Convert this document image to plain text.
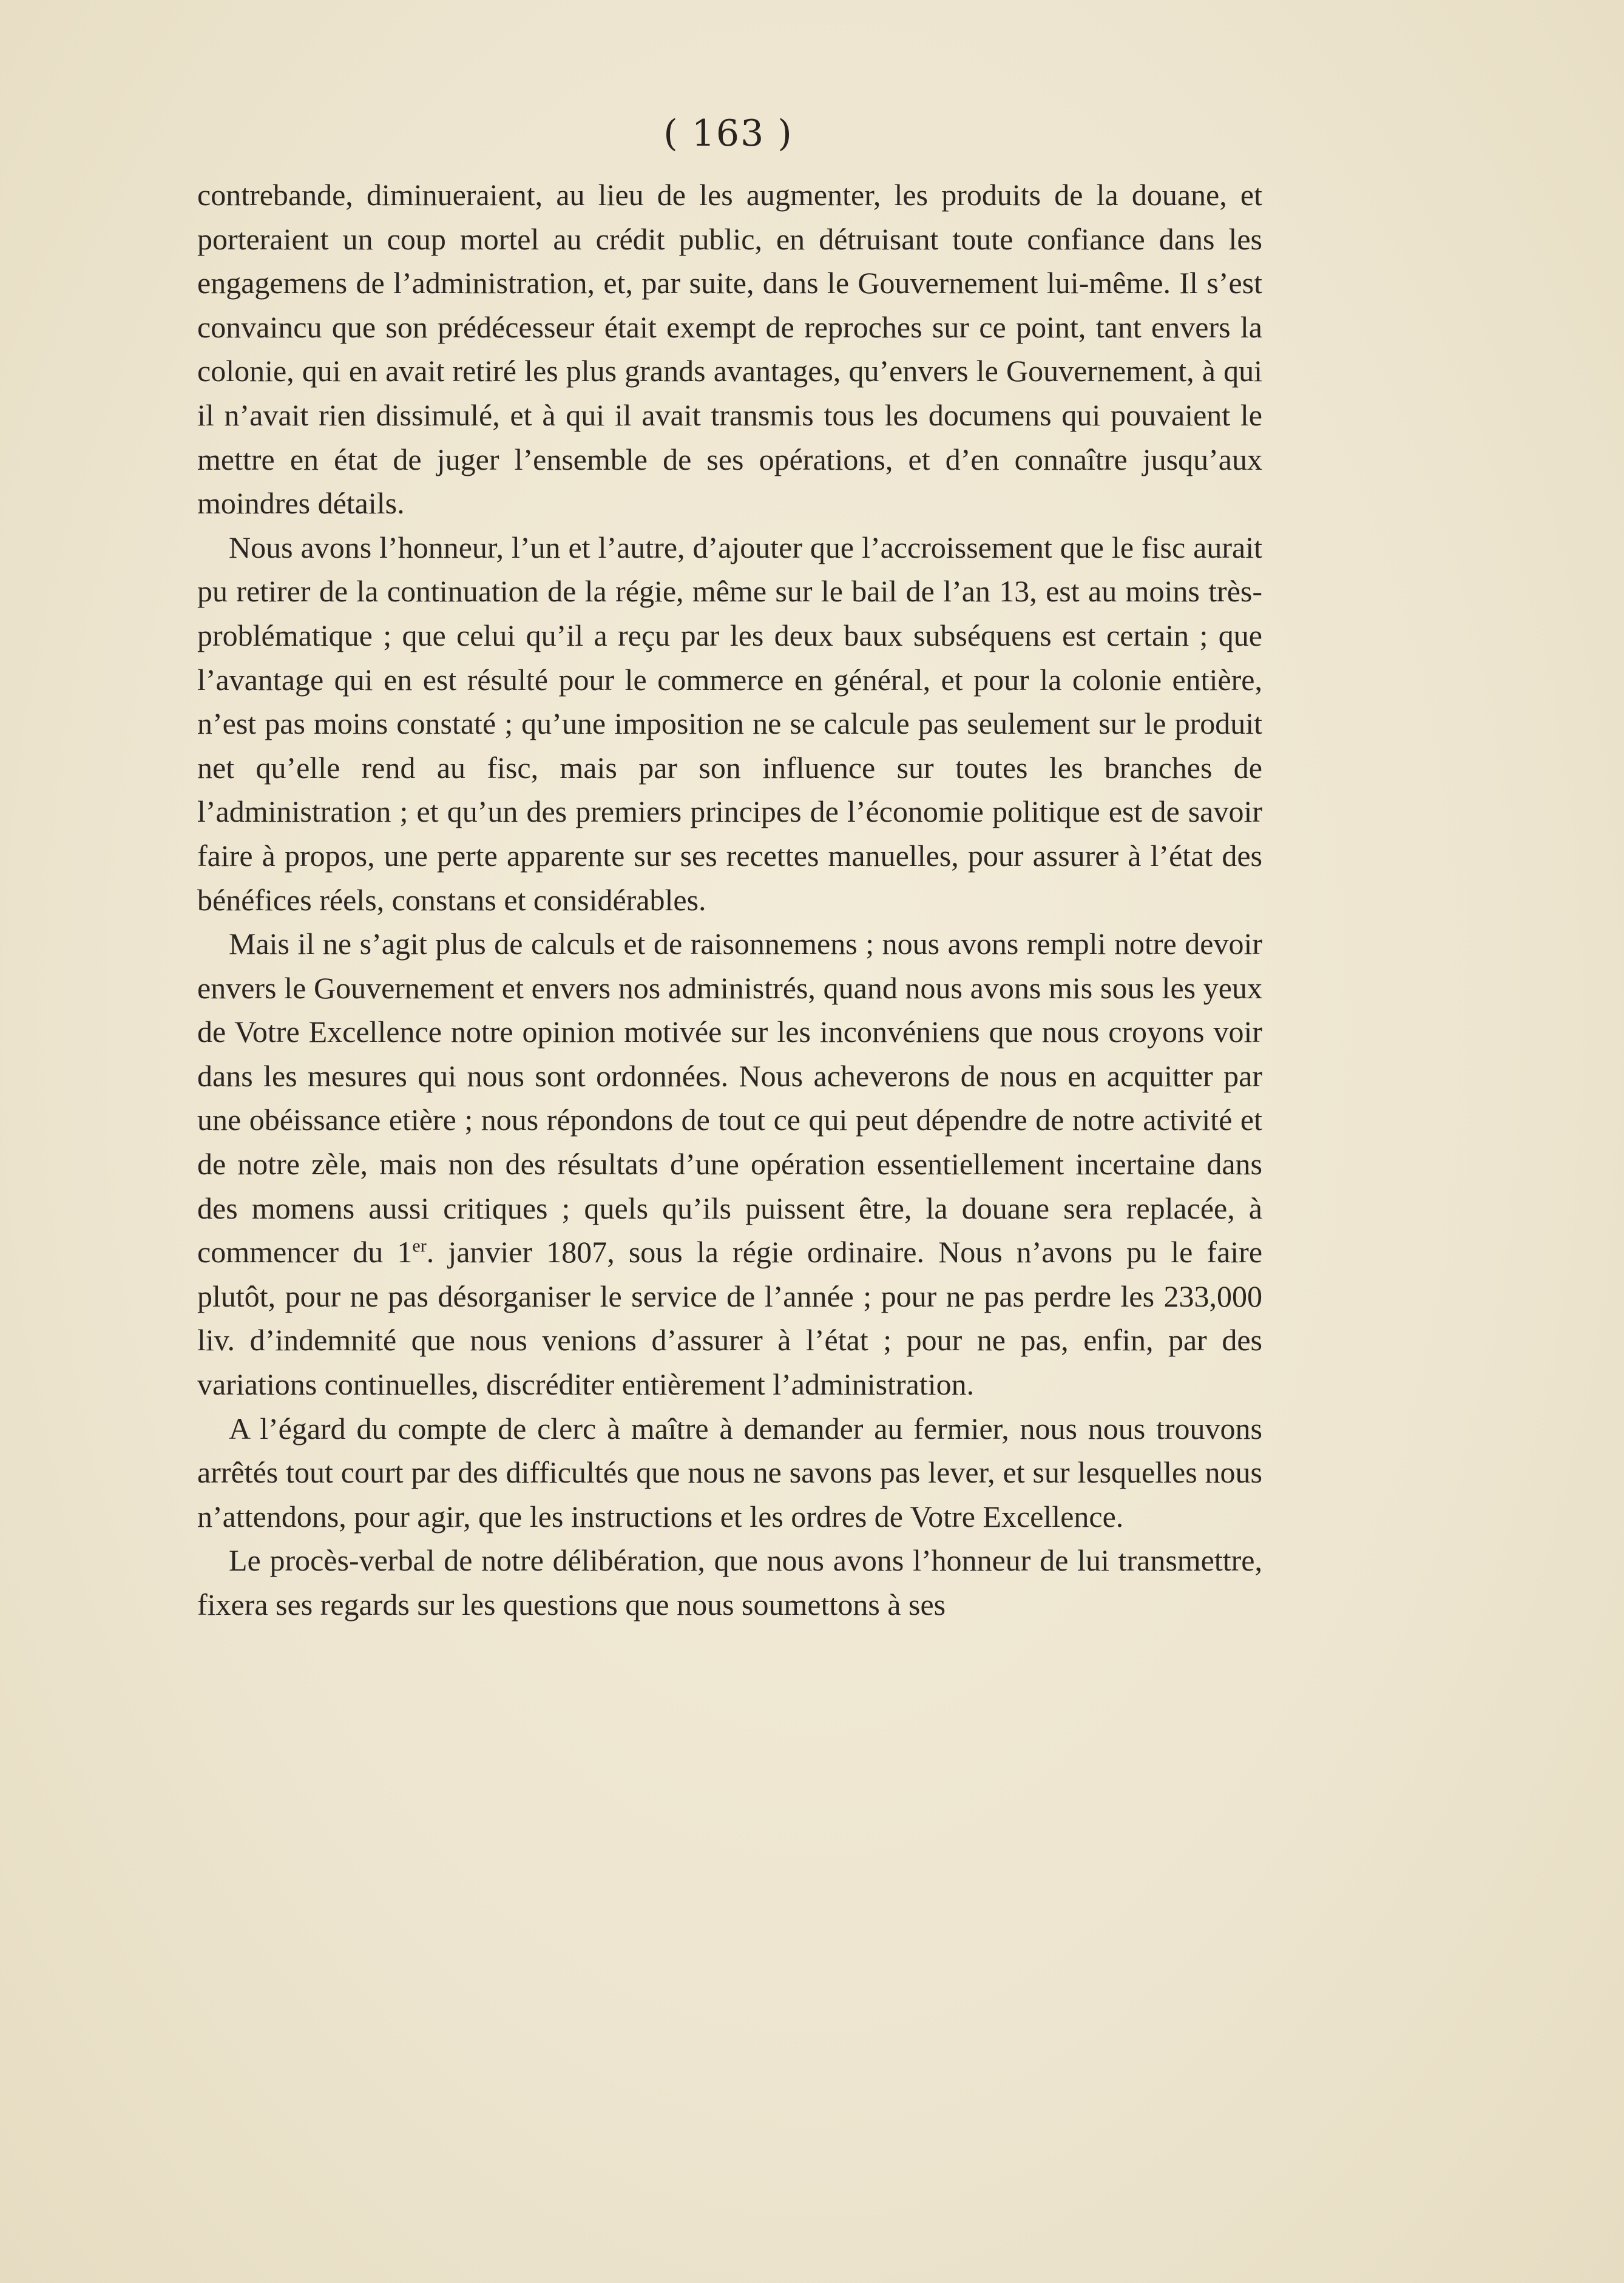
( 163 )

contrebande, diminueraient, au lieu de les augmenter, les produits de la douane, et porteraient un coup mortel au crédit public, en détruisant toute confiance dans les engagemens de l’administration, et, par suite, dans le Gouvernement lui-même. Il s’est convaincu que son prédécesseur était exempt de reproches sur ce point, tant envers la colonie, qui en avait retiré les plus grands avantages, qu’envers le Gouvernement, à qui il n’avait rien dissimulé, et à qui il avait transmis tous les documens qui pouvaient le mettre en état de juger l’ensemble de ses opérations, et d’en connaître jusqu’aux moindres détails.

Nous avons l’honneur, l’un et l’autre, d’ajouter que l’accroissement que le fisc aurait pu retirer de la continuation de la régie, même sur le bail de l’an 13, est au moins très-problématique ; que celui qu’il a reçu par les deux baux subséquens est certain ; que l’avantage qui en est résulté pour le commerce en général, et pour la colonie entière, n’est pas moins constaté ; qu’une imposition ne se calcule pas seulement sur le produit net qu’elle rend au fisc, mais par son influence sur toutes les branches de l’administration ; et qu’un des premiers principes de l’économie politique est de savoir faire à propos, une perte apparente sur ses recettes manuelles, pour assurer à l’état des bénéfices réels, constans et considérables.

Mais il ne s’agit plus de calculs et de raisonnemens ; nous avons rempli notre devoir envers le Gouvernement et envers nos administrés, quand nous avons mis sous les yeux de Votre Excellence notre opinion motivée sur les inconvéniens que nous croyons voir dans les mesures qui nous sont ordonnées. Nous acheverons de nous en acquitter par une obéissance etière ; nous répondons de tout ce qui peut dépendre de notre activité et de notre zèle, mais non des résultats d’une opération essentiellement incertaine dans des momens aussi critiques ; quels qu’ils puissent être, la douane sera replacée, à commencer du 1er. janvier 1807, sous la régie ordinaire. Nous n’avons pu le faire plutôt, pour ne pas désorganiser le service de l’année ; pour ne pas perdre les 233,000 liv. d’indemnité que nous venions d’assurer à l’état ; pour ne pas, enfin, par des variations continuelles, discréditer entièrement l’administration.

A l’égard du compte de clerc à maître à demander au fermier, nous nous trouvons arrêtés tout court par des difficultés que nous ne savons pas lever, et sur lesquelles nous n’attendons, pour agir, que les instructions et les ordres de Votre Excellence.

Le procès-verbal de notre délibération, que nous avons l’honneur de lui transmettre, fixera ses regards sur les questions que nous soumettons à ses
